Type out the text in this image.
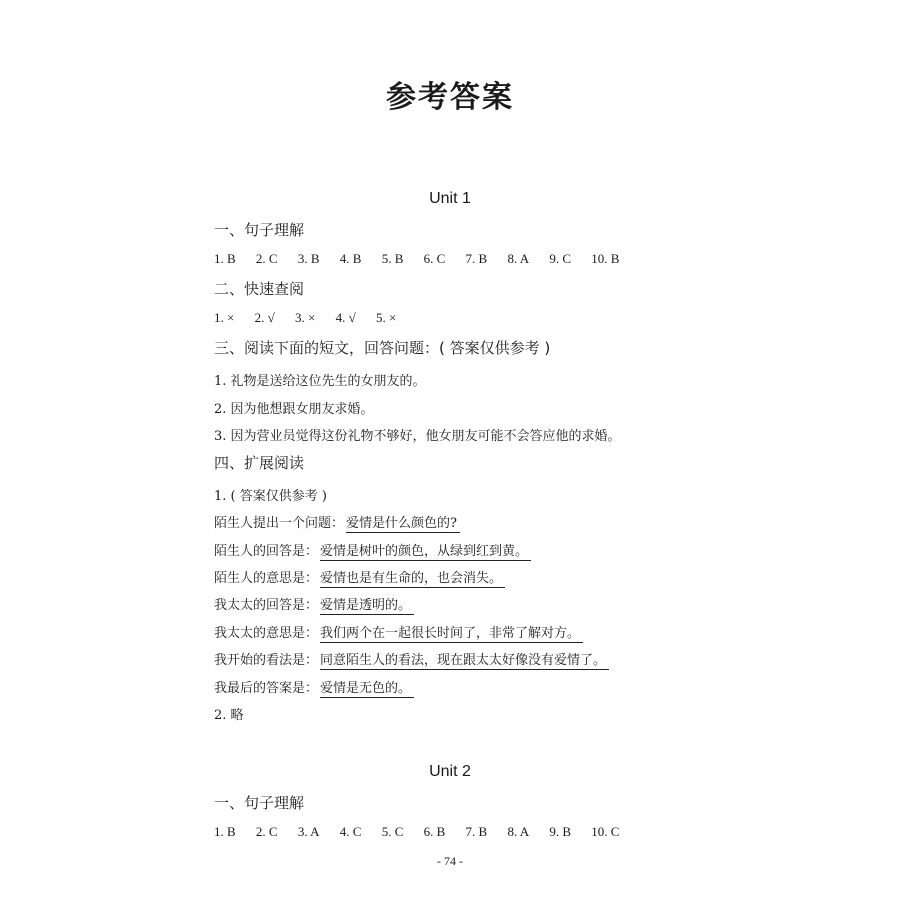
参考答案
Unit 1
一、句子理解
1. B 2. C 3. B 4. B 5. B 6. C 7. B 8. A 9. C 10. B
二、快速查阅
1. × 2. √ 3. × 4. √ 5. ×
三、阅读下面的短文，回答问题：( 答案仅供参考 )
1. 礼物是送给这位先生的女朋友的。
2. 因为他想跟女朋友求婚。
3. 因为营业员觉得这份礼物不够好，他女朋友可能不会答应他的求婚。
四、扩展阅读
1. ( 答案仅供参考 )
陌生人提出一个问题： 爱情是什么颜色的?
陌生人的回答是： 爱情是树叶的颜色，从绿到红到黄。
陌生人的意思是： 爱情也是有生命的，也会消失。
我太太的回答是： 爱情是透明的。
我太太的意思是： 我们两个在一起很长时间了，非常了解对方。
我开始的看法是： 同意陌生人的看法，现在跟太太好像没有爱情了。
我最后的答案是： 爱情是无色的。
2. 略
Unit 2
一、句子理解
1. B 2. C 3. A 4. C 5. C 6. B 7. B 8. A 9. B 10. C
- 74 -
